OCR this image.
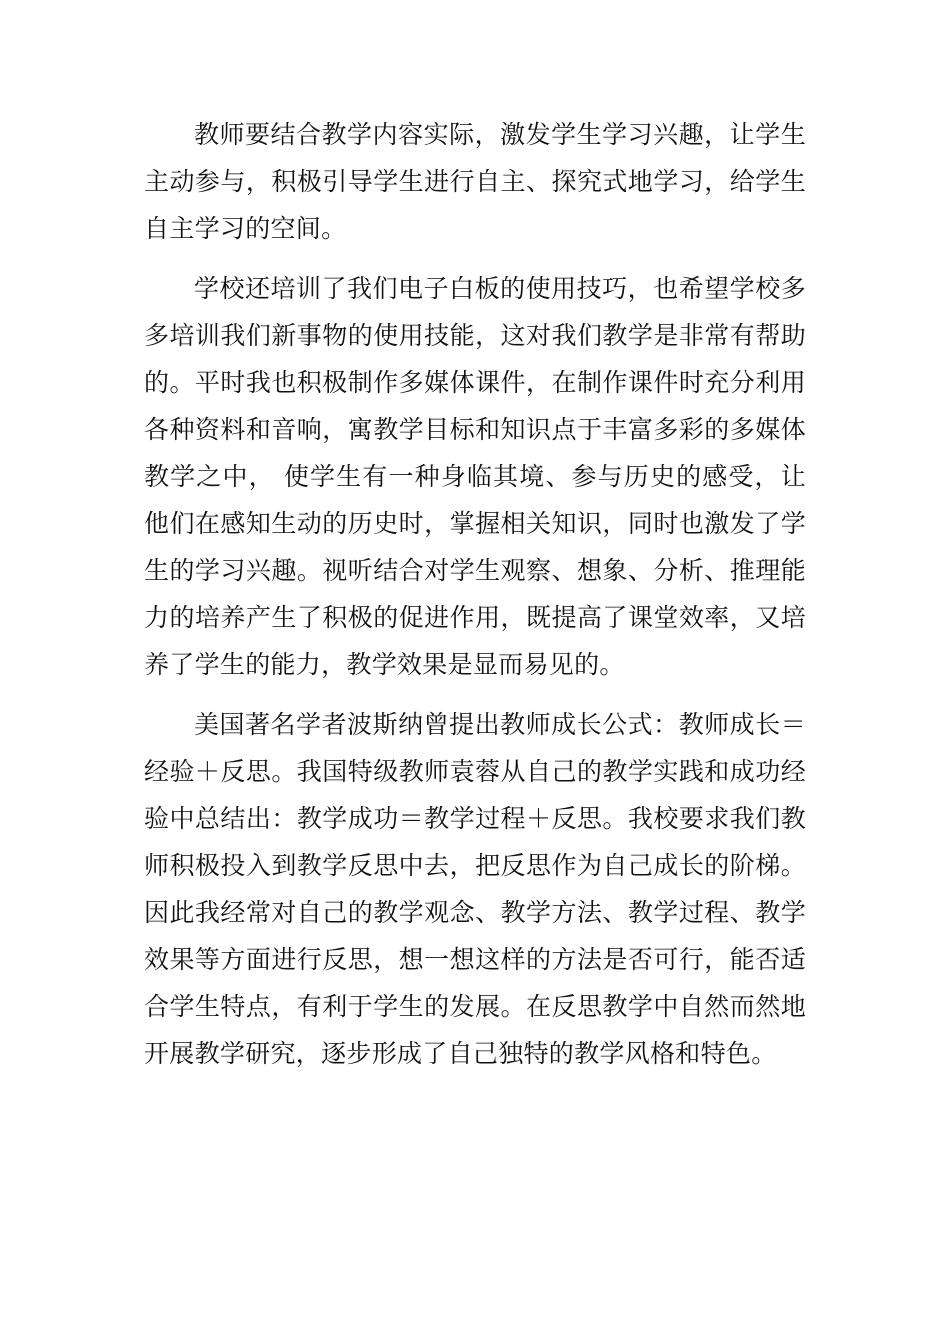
教师要结合教学内容实际，激发学生学习兴趣，让学生主动参与，积极引导学生进行自主、探究式地学习，给学生自主学习的空间。

学校还培训了我们电子白板的使用技巧，也希望学校多多培训我们新事物的使用技能，这对我们教学是非常有帮助的。平时我也积极制作多媒体课件，在制作课件时充分利用各种资料和音响，寓教学目标和知识点于丰富多彩的多媒体教学之中， 使学生有一种身临其境、参与历史的感受，让他们在感知生动的历史时，掌握相关知识，同时也激发了学生的学习兴趣。视听结合对学生观察、想象、分析、推理能力的培养产生了积极的促进作用，既提高了课堂效率，又培养了学生的能力，教学效果是显而易见的。

美国著名学者波斯纳曾提出教师成长公式：教师成长＝经验＋反思。我国特级教师袁蓉从自己的教学实践和成功经验中总结出：教学成功＝教学过程＋反思。我校要求我们教师积极投入到教学反思中去，把反思作为自己成长的阶梯。因此我经常对自己的教学观念、教学方法、教学过程、教学效果等方面进行反思，想一想这样的方法是否可行，能否适合学生特点，有利于学生的发展。在反思教学中自然而然地开展教学研究，逐步形成了自己独特的教学风格和特色。
